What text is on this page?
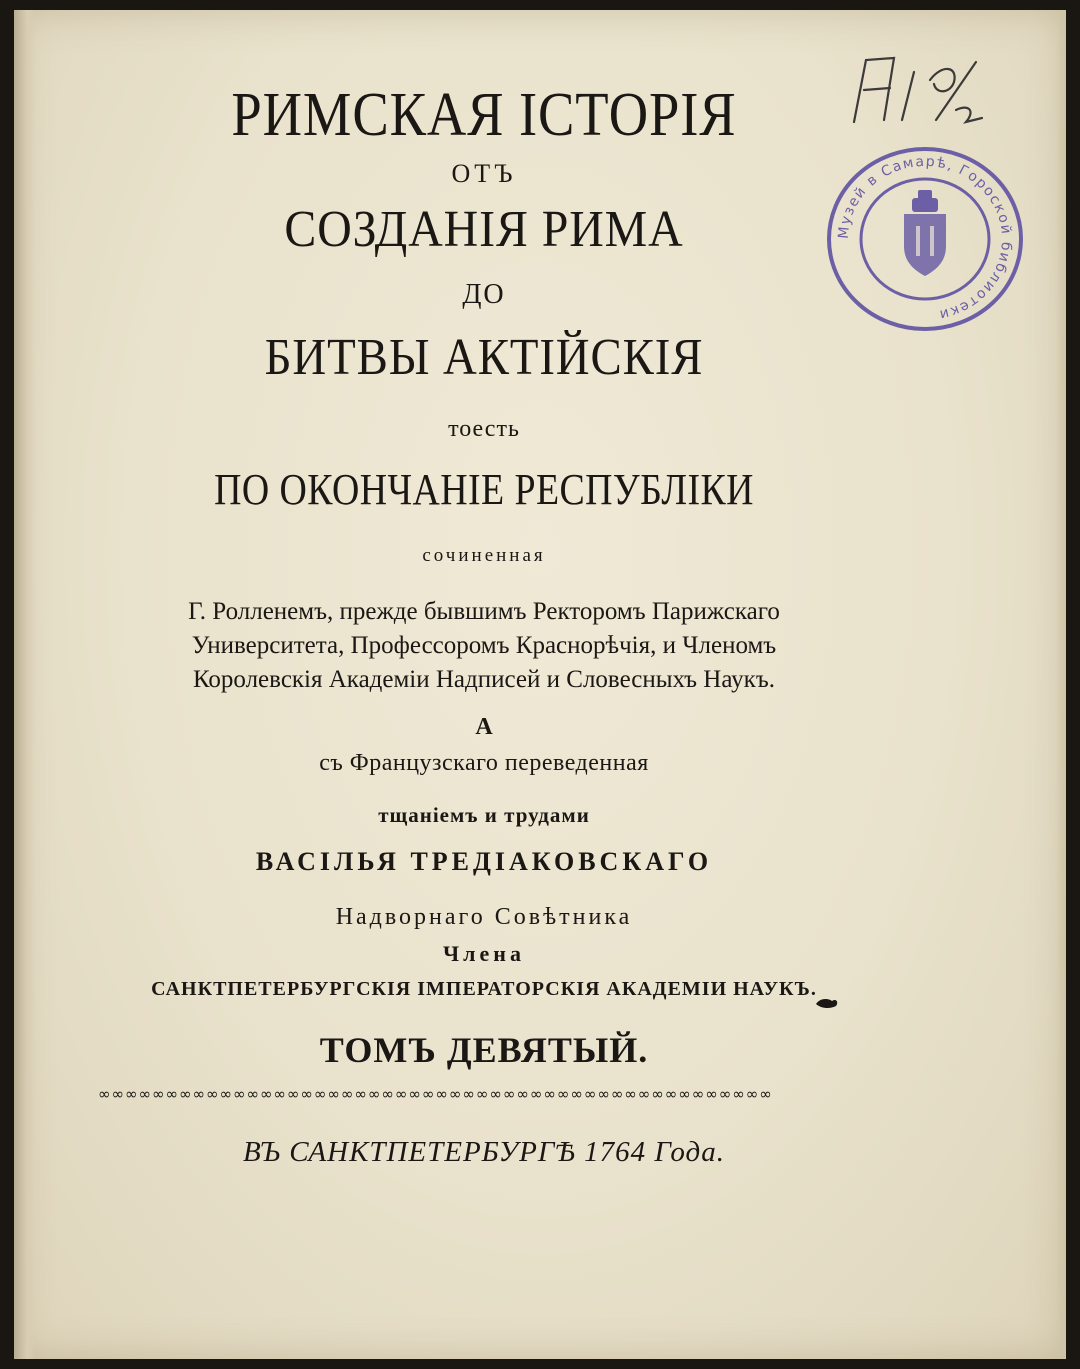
РИМСКАЯ ІСТОРІЯ
ОТЪ
СОЗДАНІЯ РИМА
ДО
БИТВЫ АКТІЙСКІЯ
тоесть
ПО ОКОНЧАНІЕ РЕСПУБЛІКИ
сочиненная
Г. Ролленемъ, прежде бывшимъ Ректоромъ Парижскаго
Университета, Профессоромъ Краснорѣчія, и Членомъ
Королевскія Академіи Надписей и Словесныхъ Наукъ.
А
съ Французскаго переведенная
тщаніемъ и трудами
ВАСІЛЬЯ ТРЕДІАКОВСКАГО
Надворнаго Совѣтника
Члена
САНКТПЕТЕРБУРГСКІЯ ІМПЕРАТОРСКІЯ АКАДЕМІИ НАУКЪ.
ТОМЪ ДЕВЯТЫЙ.
∞∞∞∞∞∞∞∞∞∞∞∞∞∞∞∞∞∞∞∞∞∞∞∞∞∞∞∞∞∞∞∞∞∞∞∞∞∞∞∞∞∞∞∞∞∞∞∞∞∞
ВЪ САНКТПЕТЕРБУРГѢ 1764 Года.
Музей в Самарѣ, Гороской библиотеки
